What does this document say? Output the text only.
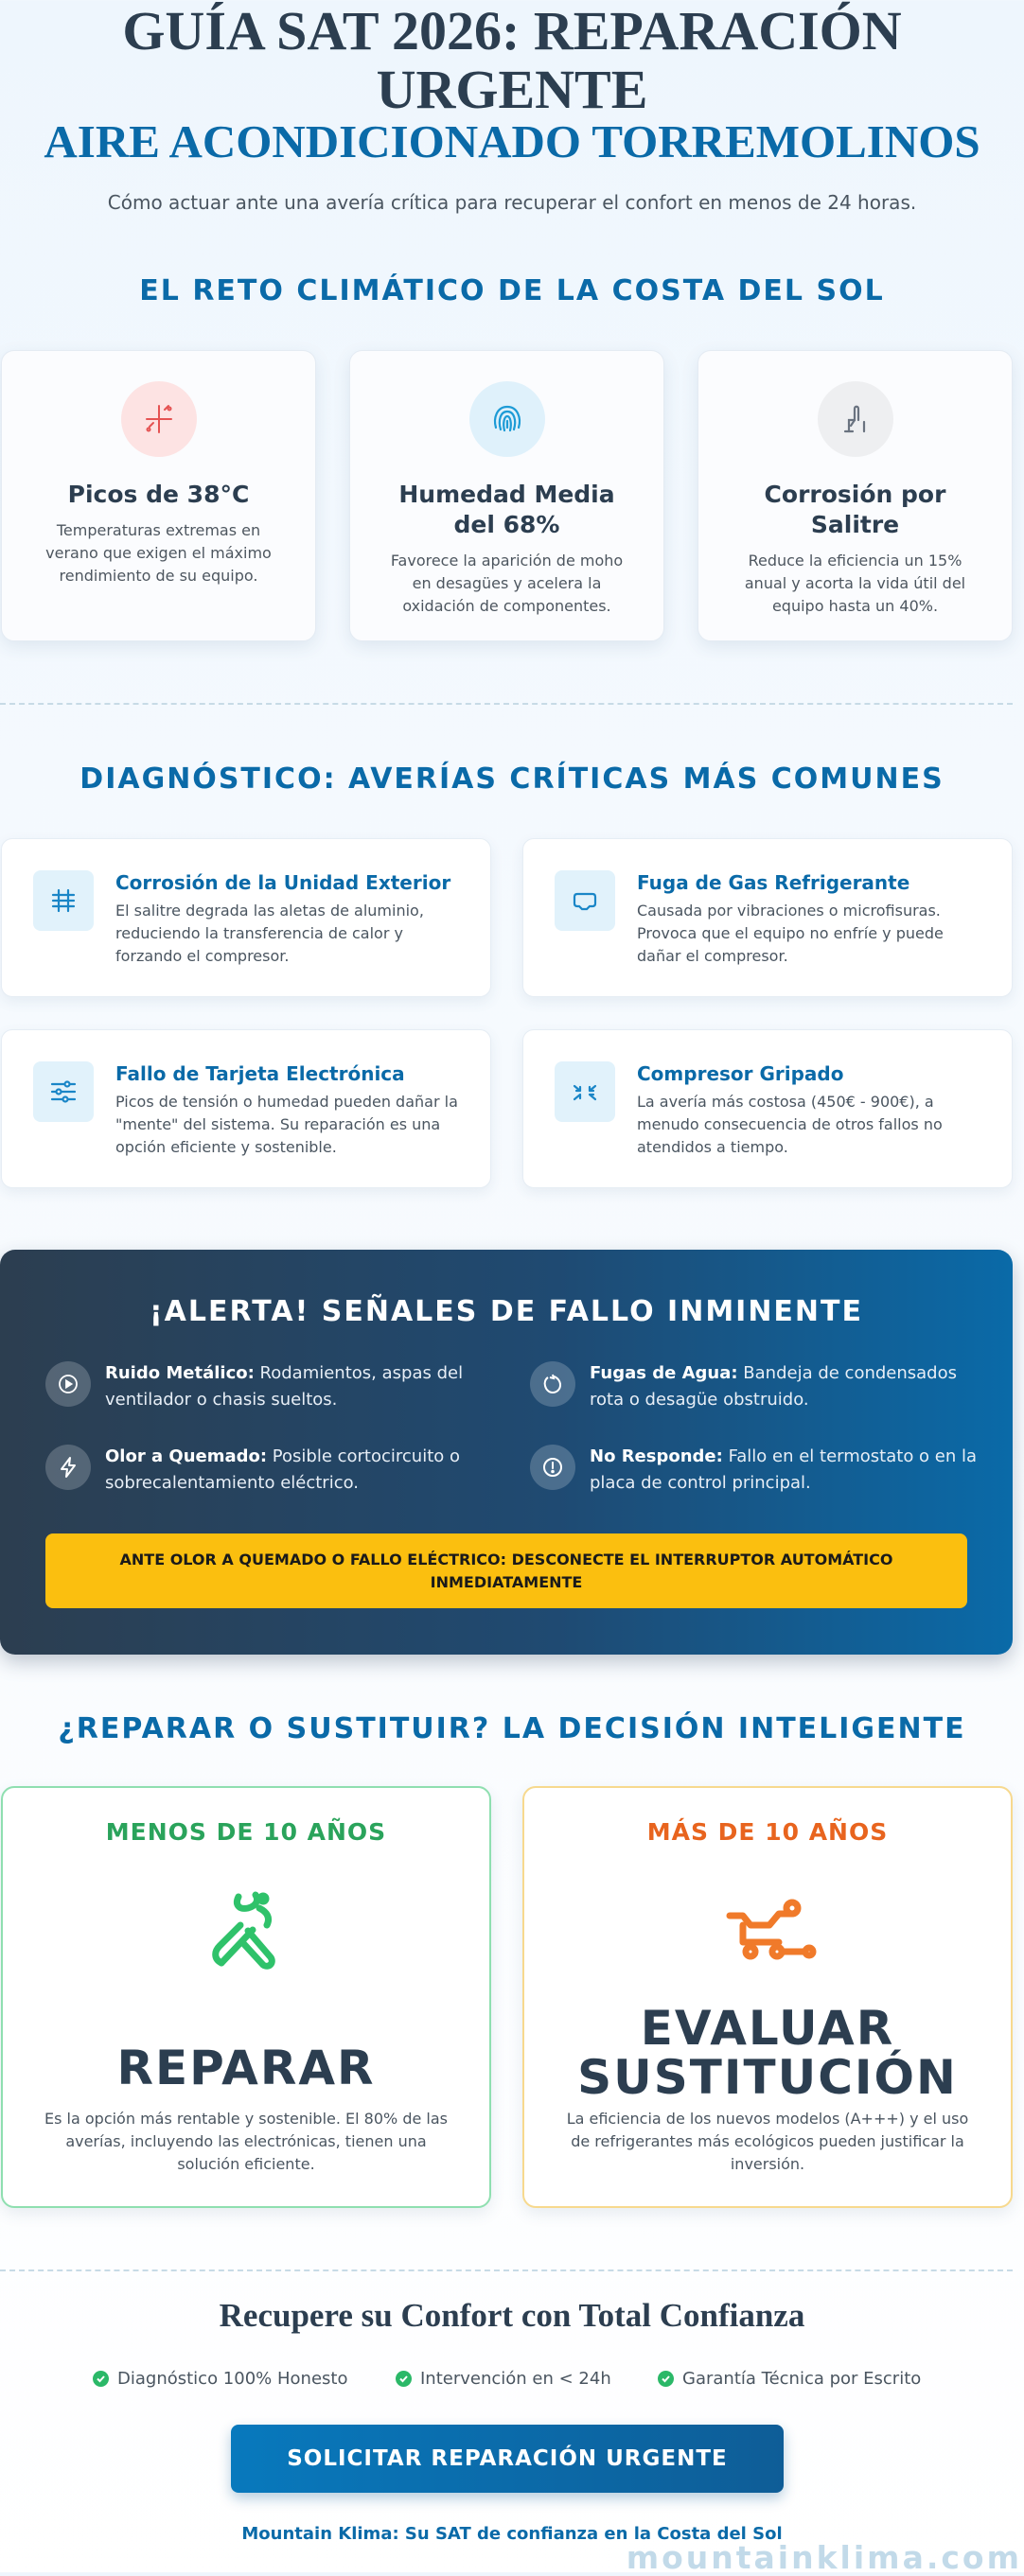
GUÍA SAT 2026: REPARACIÓN
URGENTE
AIRE ACONDICIONADO TORREMOLINOS

Cómo actuar ante una avería crítica para recuperar el confort en menos de 24 horas.

EL RETO CLIMÁTICO DE LA COSTA DEL SOL
Picos de 38°C
Temperaturas extremas en verano que exigen el máximo rendimiento de su equipo.
Humedad Media del 68%
Favorece la aparición de moho en desagües y acelera la oxidación de componentes.
Corrosión por Salitre
Reduce la eficiencia un 15% anual y acorta la vida útil del equipo hasta un 40%.
DIAGNÓSTICO: AVERÍAS CRÍTICAS MÁS COMUNES
Corrosión de la Unidad Exterior
El salitre degrada las aletas de aluminio, reduciendo la transferencia de calor y forzando el compresor.
Fuga de Gas Refrigerante
Causada por vibraciones o microfisuras. Provoca que el equipo no enfríe y puede dañar el compresor.
Fallo de Tarjeta Electrónica
Picos de tensión o humedad pueden dañar la "mente" del sistema. Su reparación es una opción eficiente y sostenible.
Compresor Gripado
La avería más costosa (450€ - 900€), a menudo consecuencia de otros fallos no atendidos a tiempo.
¡ALERTA! SEÑALES DE FALLO INMINENTE
Ruido Metálico: Rodamientos, aspas del ventilador o chasis sueltos.
Fugas de Agua: Bandeja de condensados rota o desagüe obstruido.
Olor a Quemado: Posible cortocircuito o sobrecalentamiento eléctrico.
No Responde: Fallo en el termostato o en la placa de control principal.
ANTE OLOR A QUEMADO O FALLO ELÉCTRICO: DESCONECTE EL INTERRUPTOR AUTOMÁTICO INMEDIATAMENTE
¿REPARAR O SUSTITUIR? LA DECISIÓN INTELIGENTE
MENOS DE 10 AÑOS
REPARAR
Es la opción más rentable y sostenible. El 80% de las averías, incluyendo las electrónicas, tienen una solución eficiente.
MÁS DE 10 AÑOS
EVALUAR
SUSTITUCIÓN
La eficiencia de los nuevos modelos (A+++) y el uso de refrigerantes más ecológicos pueden justificar la inversión.
Recupere su Confort con Total Confianza
Diagnóstico 100% Honesto	Intervención en < 24h	Garantía Técnica por Escrito
SOLICITAR REPARACIÓN URGENTE
Mountain Klima: Su SAT de confianza en la Costa del Sol
mountainklima.com
